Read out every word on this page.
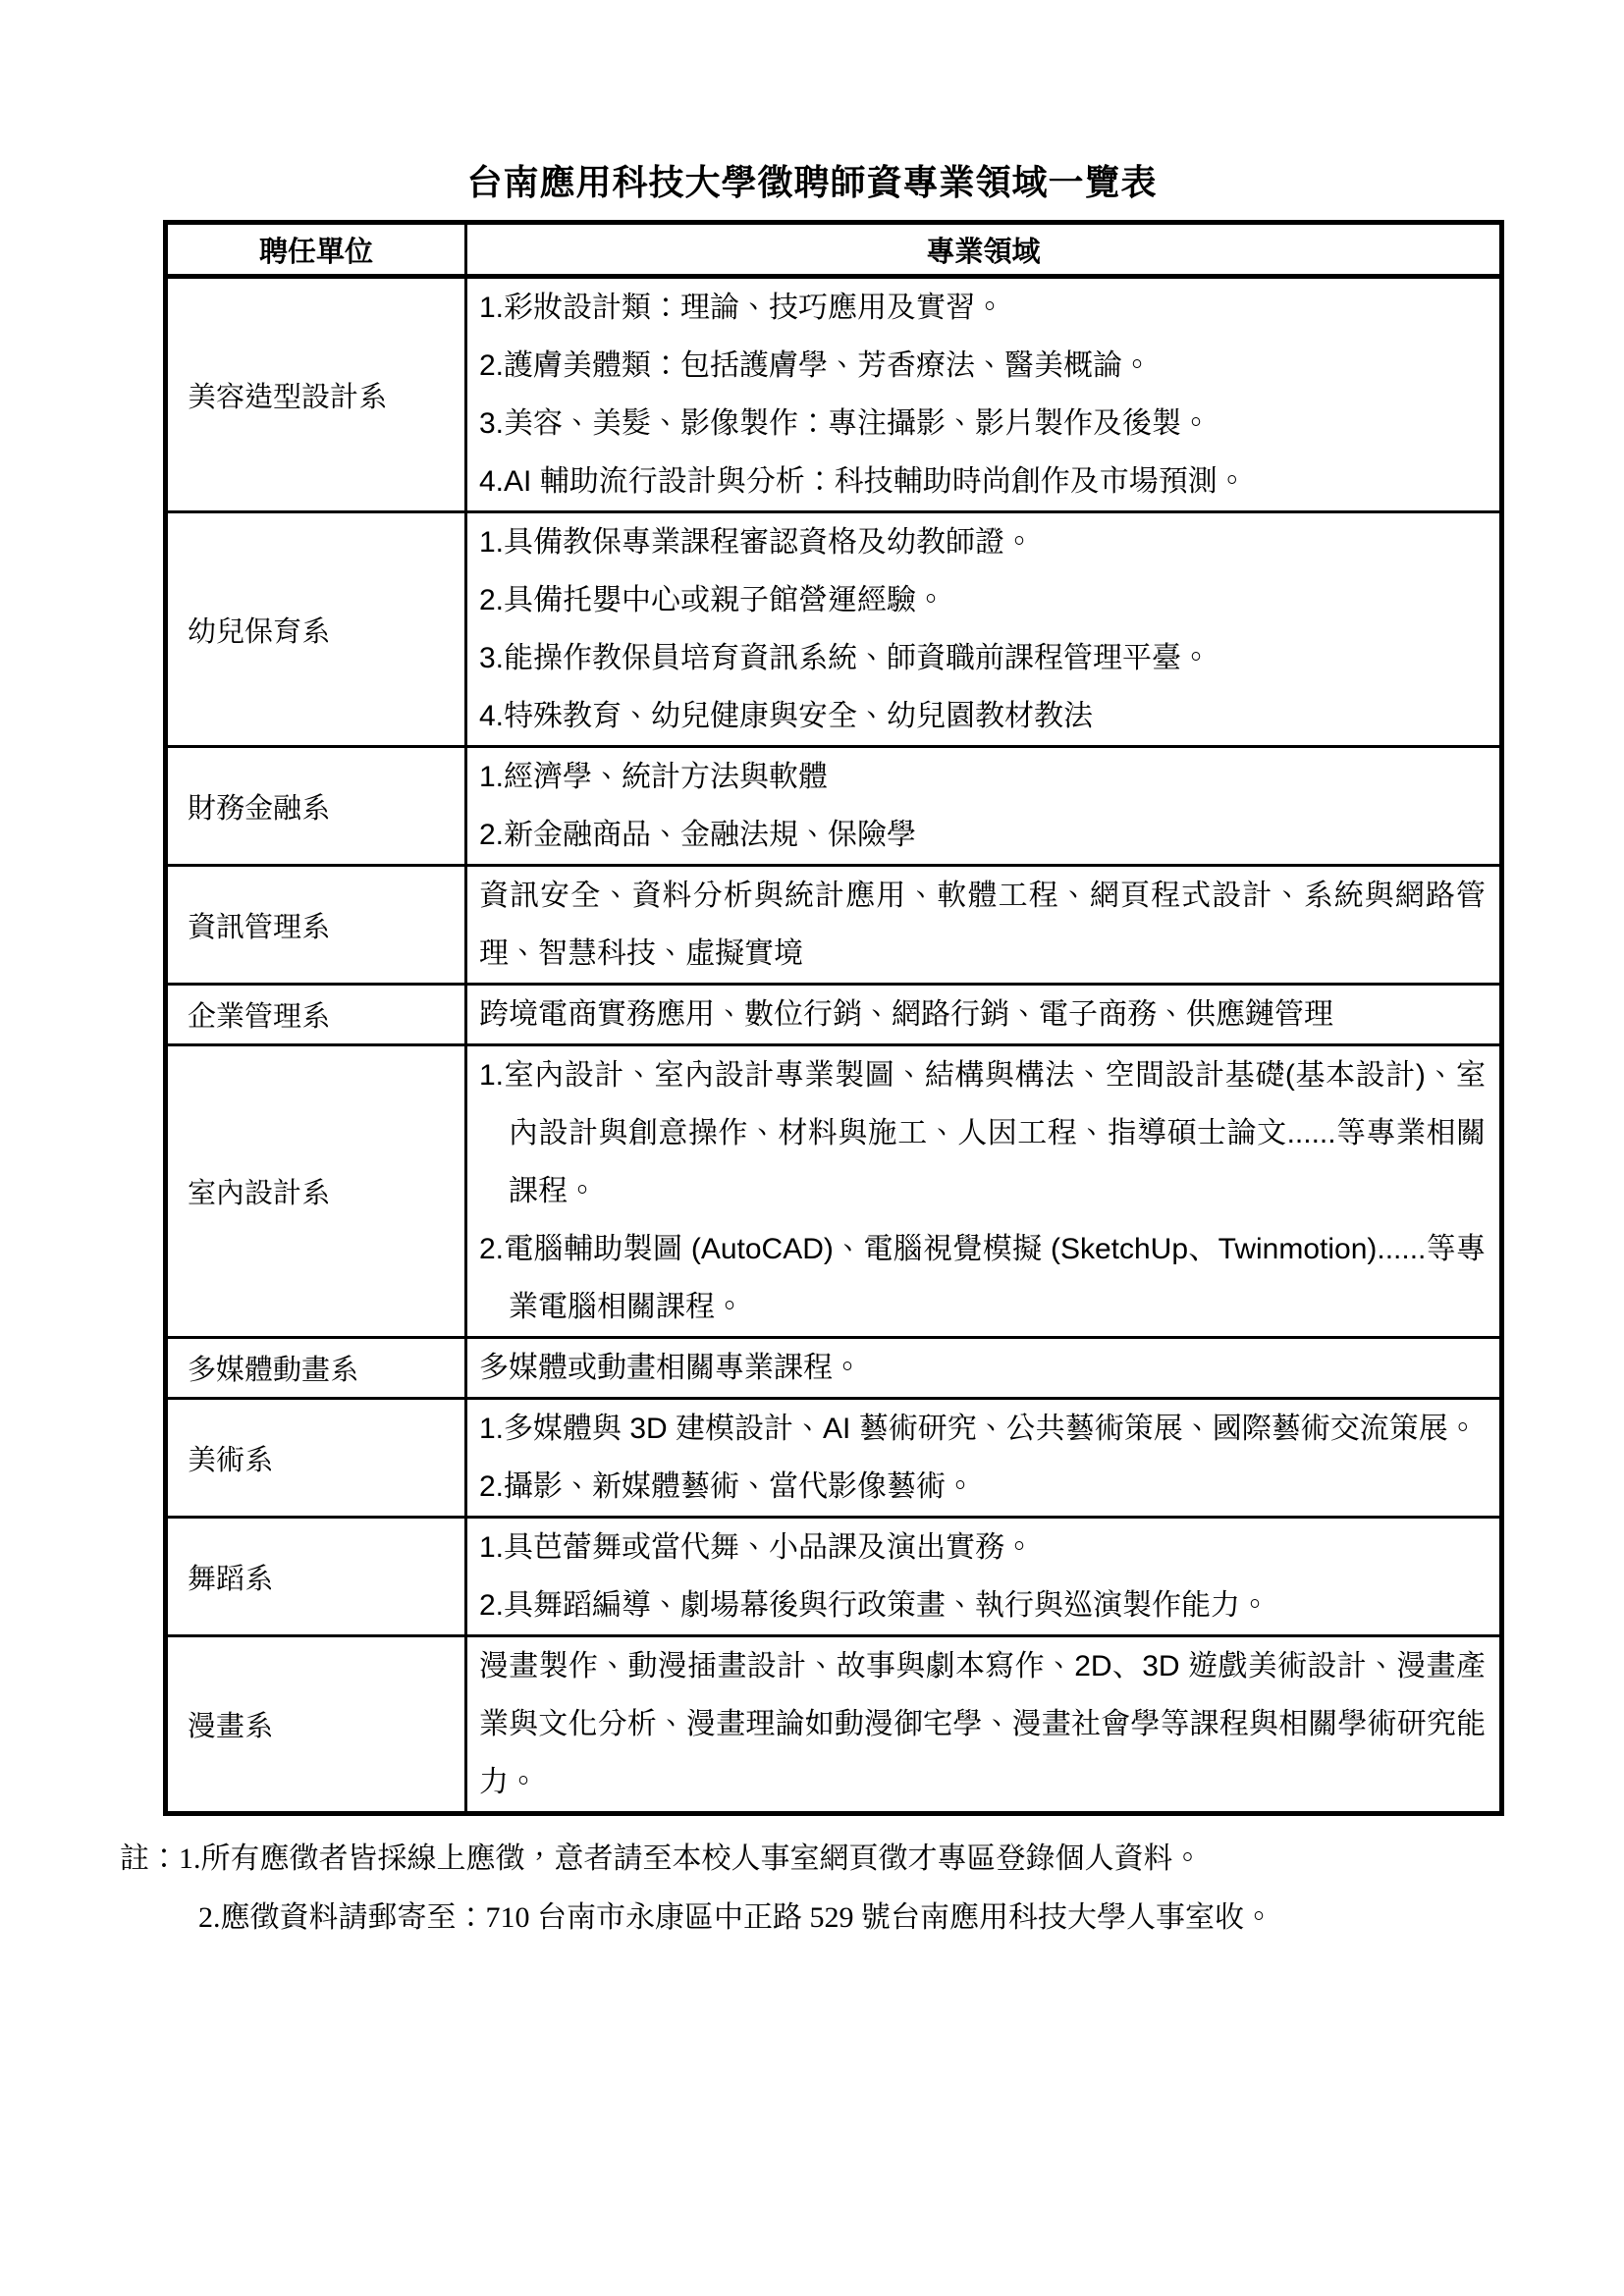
台南應用科技大學徵聘師資專業領域一覽表
聘任單位	專業領域
美容造型設計系	1.彩妝設計類：理論、技巧應用及實習。

2.護膚美體類：包括護膚學、芳香療法、醫美概論。

3.美容、美髮、影像製作：專注攝影、影片製作及後製。

4.AI 輔助流行設計與分析：科技輔助時尚創作及市場預測。

幼兒保育系	1.具備教保專業課程審認資格及幼教師證。

2.具備托嬰中心或親子館營運經驗。

3.能操作教保員培育資訊系統、師資職前課程管理平臺。

4.特殊教育、幼兒健康與安全、幼兒園教材教法

財務金融系	1.經濟學、統計方法與軟體

2.新金融商品、金融法規、保險學

資訊管理系	資訊安全、資料分析與統計應用、軟體工程、網頁程式設計、系統與網路管理、智慧科技、虛擬實境

企業管理系	跨境電商實務應用、數位行銷、網路行銷、電子商務、供應鏈管理

室內設計系	1.室內設計、室內設計專業製圖、結構與構法、空間設計基礎(基本設計)、室內設計與創意操作、材料與施工、人因工程、指導碩士論文......等專業相關課程。

2.電腦輔助製圖 (AutoCAD)、電腦視覺模擬 (SketchUp、Twinmotion)......等專業電腦相關課程。

多媒體動畫系	多媒體或動畫相關專業課程。

美術系	1.多媒體與 3D 建模設計、AI 藝術研究、公共藝術策展、國際藝術交流策展。

2.攝影、新媒體藝術、當代影像藝術。

舞蹈系	1.具芭蕾舞或當代舞、小品課及演出實務。

2.具舞蹈編導、劇場幕後與行政策畫、執行與巡演製作能力。

漫畫系	漫畫製作、動漫插畫設計、故事與劇本寫作、2D、3D 遊戲美術設計、漫畫產業與文化分析、漫畫理論如動漫御宅學、漫畫社會學等課程與相關學術研究能力。

註：1.所有應徵者皆採線上應徵，意者請至本校人事室網頁徵才專區登錄個人資料。

2.應徵資料請郵寄至：710 台南市永康區中正路 529 號台南應用科技大學人事室收。
